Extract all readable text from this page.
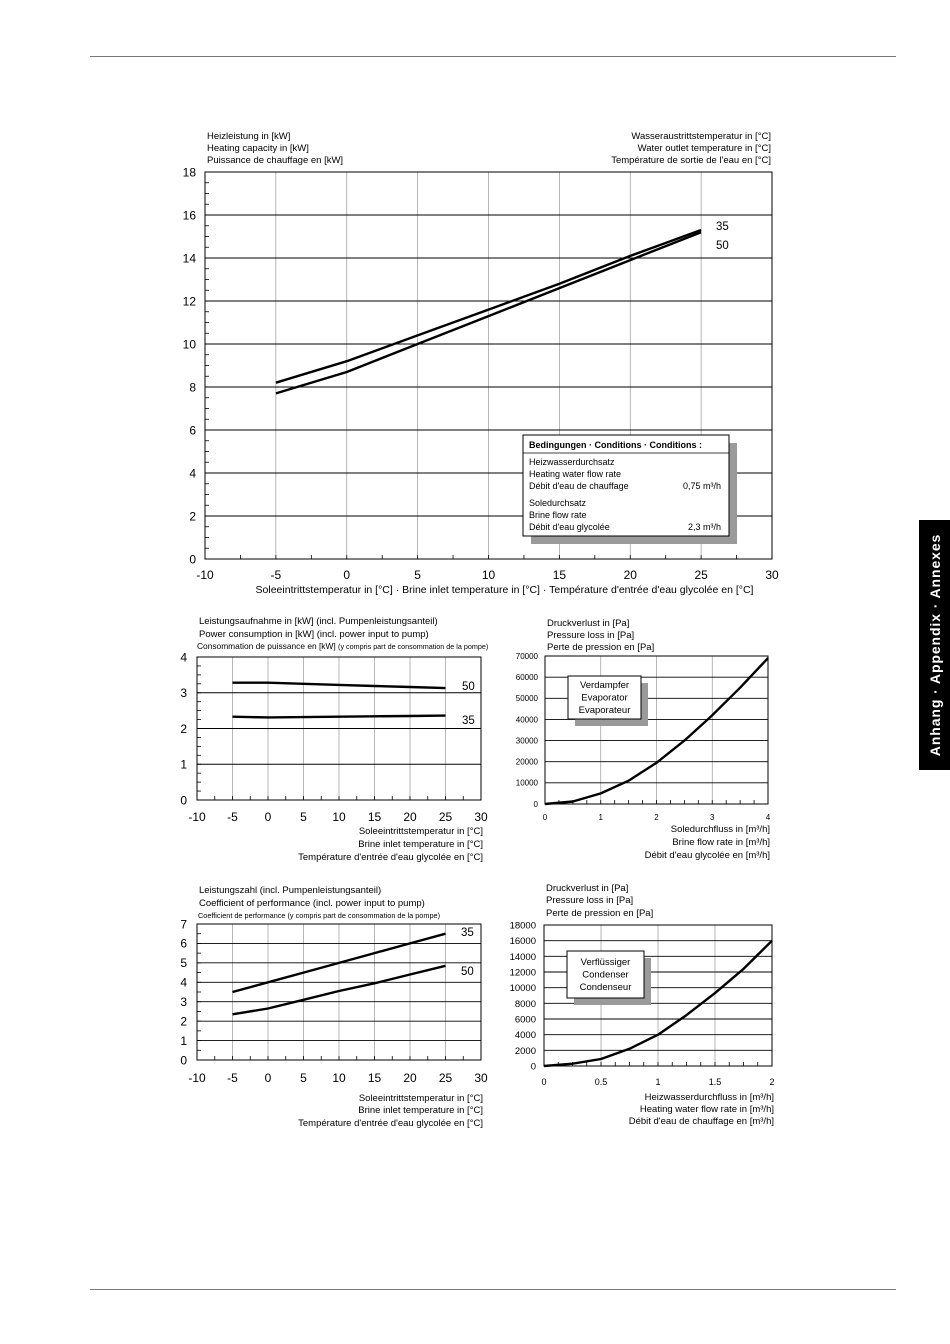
Anhang · Appendix · Annexes
-10	-5	0	5	10	15	20	25	30
0
2
4
6
8
10
12
14
16
18
Heizleistung in [kW]
Heating capacity in [kW]
Puissance de chauffage en [kW]
Soleeintrittstemperatur in [°C] · Brine inlet temperature in [°C] · Température d'entrée d'eau glycolée en [°C]
-10 -5 0 5 10 15 20 25 30
0
1
2
3
4
Leistungsaufnahme in [kW] (incl. Pumpenleistungsanteil)
Power consumption in [kW] (incl. power input to pump)
Soleeintrittstemperatur in [°C]
Brine inlet temperature in [°C]
Température d'entrée d'eau glycolée en [°C]
0	1	2	3	4
0
10000
20000
30000
40000
50000
60000
70000
Druckverlust in [Pa]
Pressure loss in [Pa]
Perte de pression en [Pa]
Soledurchfluss in [m³/h]
Brine flow rate in [m³/h]
Débit d'eau glycolée en [m³/h]
-10 -5 0 5 10 15 20 25 30
0
1
2
3
4
5
6
7
Leistungszahl (incl. Pumpenleistungsanteil)
Coefficient of performance (incl. power input to pump)
Soleeintrittstemperatur in [°C]
Brine inlet temperature in [°C]
Température d'entrée d'eau glycolée en [°C]
0	0.5	1	1.5	2
0
2000
4000
6000
8000
10000
12000
14000
16000
18000
Druckverlust in [Pa]
Pressure loss in [Pa]
Perte de pression en [Pa]
Heizwasserdurchfluss in [m³/h]
Heating water flow rate in [m³/h]
Débit d'eau de chauffage en [m³/h]
35
50
Wasseraustrittstemperatur in [°C]
Water outlet temperature in [°C]
Température de sortie de l'eau en [°C]
50
35
Consommation de puissance en [kW] (y compris part de consommation de la pompe)
35
50
Coefficient de performance (y compris part de consommation de la pompe)
Verdampfer
Evaporator
Evaporateur
Verflüssiger
Condenser
Condenseur
Bedingungen · Conditions · Conditions :
Heizwasserdurchsatz
Heating water flow rate
Débit d'eau de chauffage	0,75 m³/h
Soledurchsatz
Brine flow rate
Débit d'eau glycolée	2,3 m³/h
